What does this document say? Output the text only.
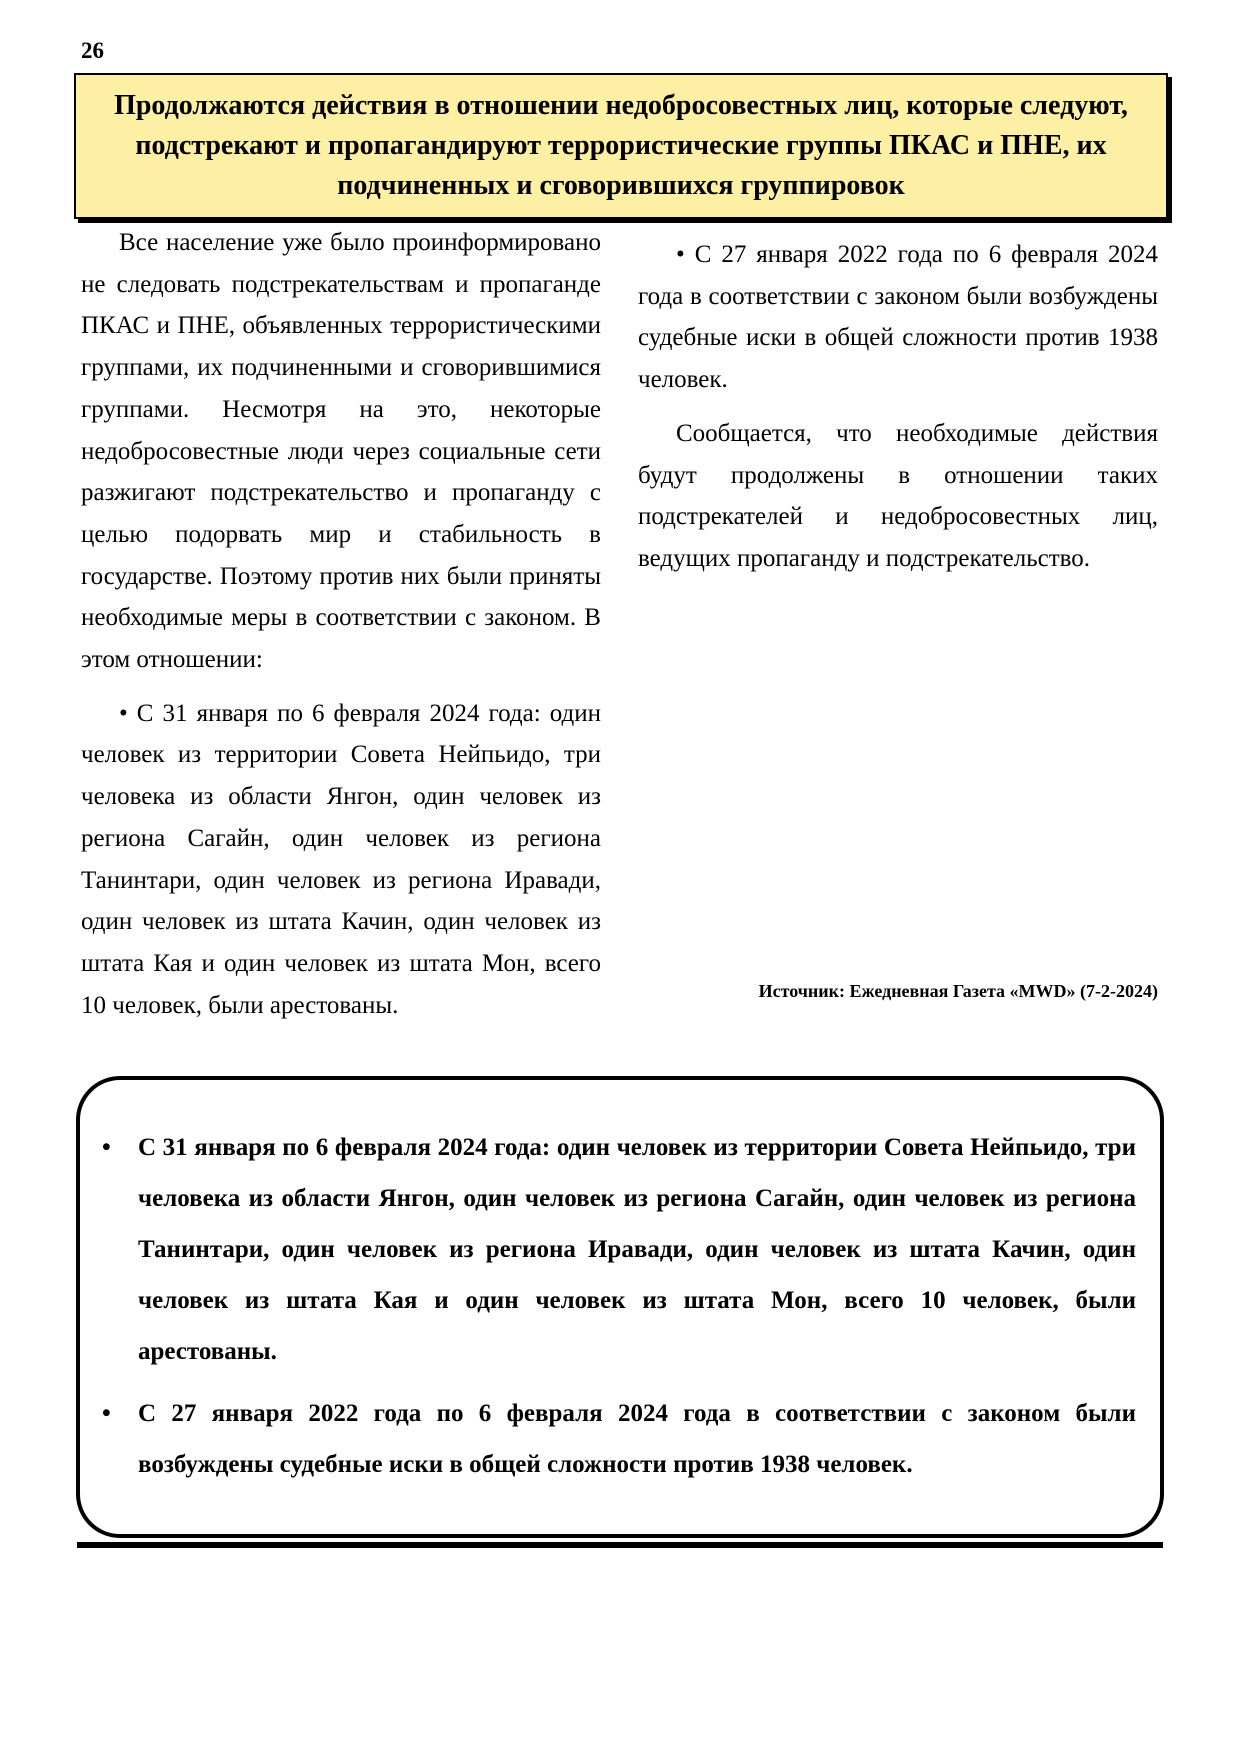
26
Продолжаются действия в отношении недобросовестных лиц, которые следуют, подстрекают и пропагандируют террористические группы ПКАС и ПНЕ, их подчиненных и сговорившихся группировок

Все население уже было проинформировано не следовать подстрекательствам и пропаганде ПКАС и ПНЕ, объявленных террористическими группами, их подчиненными и сговорившимися группами. Несмотря на это, некоторые недобросовестные люди через социальные сети разжигают подстрекательство и пропаганду с целью подорвать мир и стабильность в государстве. Поэтому против них были приняты необходимые меры в соответствии с законом. В этом отношении:

• С 31 января по 6 февраля 2024 года: один человек из территории Совета Нейпьидо, три человека из области Янгон, один человек из региона Сагайн, один человек из региона Танинтари, один человек из региона Иравади, один человек из штата Качин, один человек из штата Кая и один человек из штата Мон, всего 10 человек, были арестованы.

• С 27 января 2022 года по 6 февраля 2024 года в соответствии с законом были возбуждены судебные иски в общей сложности против 1938 человек.

Сообщается, что необходимые действия будут продолжены в отношении таких подстрекателей и недобросовестных лиц, ведущих пропаганду и подстрекательство.

Источник: Ежедневная Газета «MWD» (7-2-2024)
• С 31 января по 6 февраля 2024 года: один человек из территории Совета Нейпьидо, три человека из области Янгон, один человек из региона Сагайн, один человек из региона Танинтари, один человек из региона Иравади, один человек из штата Качин, один человек из штата Кая и один человек из штата Мон, всего 10 человек, были арестованы.
• С 27 января 2022 года по 6 февраля 2024 года в соответствии с законом были возбуждены судебные иски в общей сложности против 1938 человек.
